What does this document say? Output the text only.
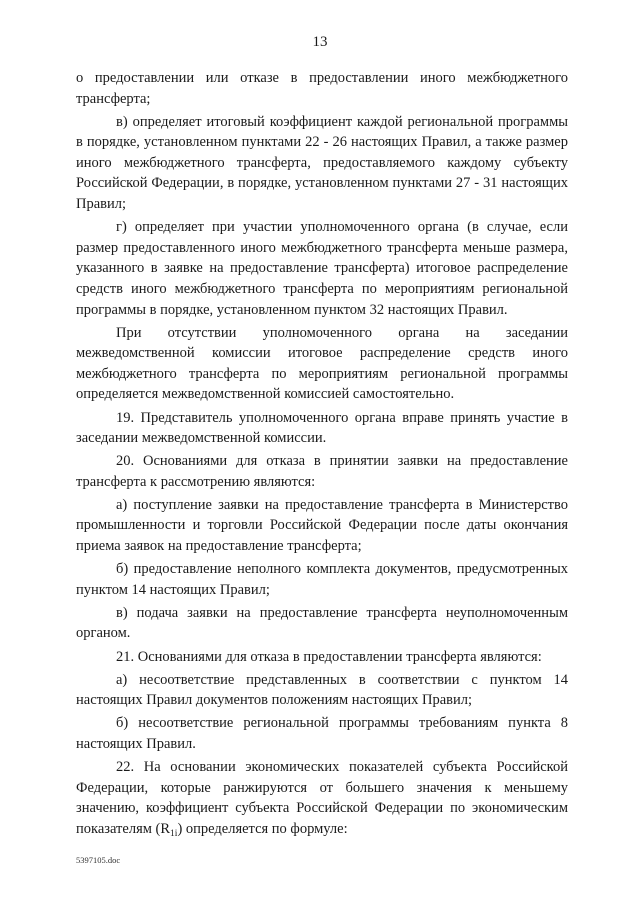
13

о предоставлении или отказе в предоставлении иного межбюджетного трансферта;

в) определяет итоговый коэффициент каждой региональной программы в порядке, установленном пунктами 22 - 26 настоящих Правил, а также размер иного межбюджетного трансферта, предоставляемого каждому субъекту Российской Федерации, в порядке, установленном пунктами 27 - 31 настоящих Правил;

г) определяет при участии уполномоченного органа (в случае, если размер предоставленного иного межбюджетного трансферта меньше размера, указанного в заявке на предоставление трансферта) итоговое распределение средств иного межбюджетного трансферта по мероприятиям региональной программы в порядке, установленном пунктом 32 настоящих Правил.

При отсутствии уполномоченного органа на заседании межведомственной комиссии итоговое распределение средств иного межбюджетного трансферта по мероприятиям региональной программы определяется межведомственной комиссией самостоятельно.

19. Представитель уполномоченного органа вправе принять участие в заседании межведомственной комиссии.

20. Основаниями для отказа в принятии заявки на предоставление трансферта к рассмотрению являются:

а) поступление заявки на предоставление трансферта в Министерство промышленности и торговли Российской Федерации после даты окончания приема заявок на предоставление трансферта;

б) предоставление неполного комплекта документов, предусмотренных пунктом 14 настоящих Правил;

в) подача заявки на предоставление трансферта неуполномоченным органом.

21. Основаниями для отказа в предоставлении трансферта являются:

а) несоответствие представленных в соответствии с пунктом 14 настоящих Правил документов положениям настоящих Правил;

б) несоответствие региональной программы требованиям пункта 8 настоящих Правил.

22. На основании экономических показателей субъекта Российской Федерации, которые ранжируются от большего значения к меньшему значению, коэффициент субъекта Российской Федерации по экономическим показателям $(R_{1i})$ определяется по формуле:

5397105.doc
